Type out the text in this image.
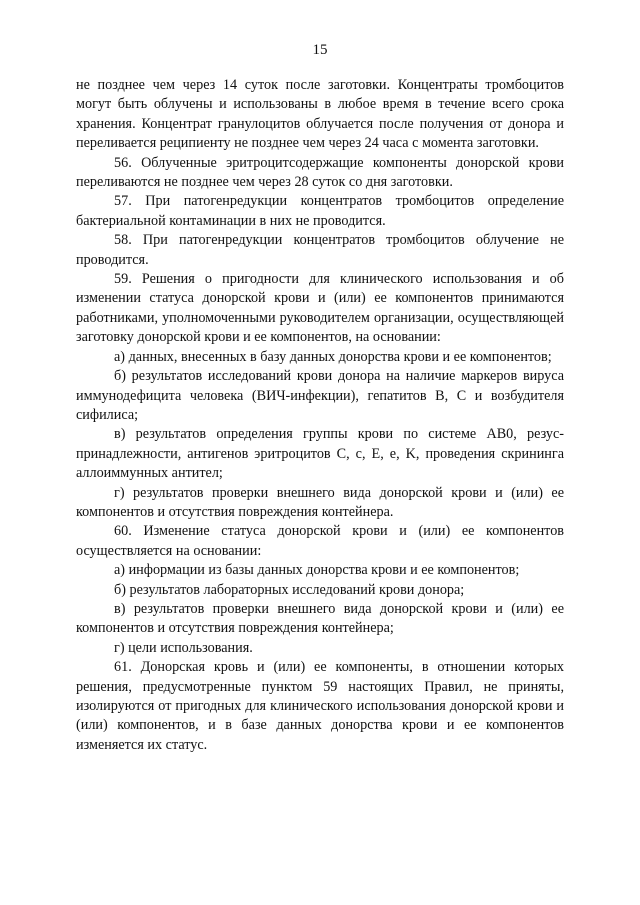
15

не позднее чем через 14 суток после заготовки. Концентраты тромбоцитов могут быть облучены и использованы в любое время в течение всего срока хранения. Концентрат гранулоцитов облучается после получения от донора и переливается реципиенту не позднее чем через 24 часа с момента заготовки.

56. Облученные эритроцитсодержащие компоненты донорской крови переливаются не позднее чем через 28 суток со дня заготовки.

57. При патогенредукции концентратов тромбоцитов определение бактериальной контаминации в них не проводится.

58. При патогенредукции концентратов тромбоцитов облучение не проводится.

59. Решения о пригодности для клинического использования и об изменении статуса донорской крови и (или) ее компонентов принимаются работниками, уполномоченными руководителем организации, осуществляющей заготовку донорской крови и ее компонентов, на основании:

а) данных, внесенных в базу данных донорства крови и ее компонентов;

б) результатов исследований крови донора на наличие маркеров вируса иммунодефицита человека (ВИЧ-инфекции), гепатитов В, С и возбудителя сифилиса;

в) результатов определения группы крови по системе АВ0, резус-принадлежности, антигенов эритроцитов С, с, Е, е, K, проведения скрининга аллоиммунных антител;

г) результатов проверки внешнего вида донорской крови и (или) ее компонентов и отсутствия повреждения контейнера.

60. Изменение статуса донорской крови и (или) ее компонентов осуществляется на основании:

а) информации из базы данных донорства крови и ее компонентов;

б) результатов лабораторных исследований крови донора;

в) результатов проверки внешнего вида донорской крови и (или) ее компонентов и отсутствия повреждения контейнера;

г) цели использования.

61. Донорская кровь и (или) ее компоненты, в отношении которых решения, предусмотренные пунктом 59 настоящих Правил, не приняты, изолируются от пригодных для клинического использования донорской крови и (или) компонентов, и в базе данных донорства крови и ее компонентов изменяется их статус.
